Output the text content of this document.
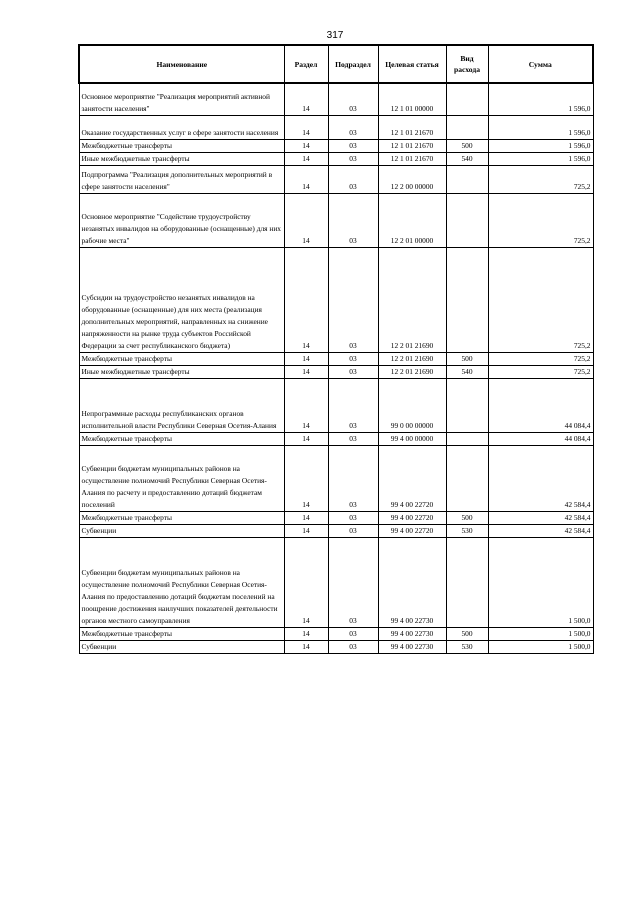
317
Наименование	Раздел	Подраздел	Целевая статья	Вид расхода	Сумма
Основное мероприятие "Реализация мероприятий активной занятости населения"	14	03	12 1 01 00000		1 596,0
Оказание государственных услуг в сфере занятости населения	14	03	12 1 01 21670		1 596,0
Межбюджетные трансферты	14	03	12 1 01 21670	500	1 596,0
Иные межбюджетные трансферты	14	03	12 1 01 21670	540	1 596,0
Подпрограмма "Реализация дополнительных мероприятий в сфере занятости населения"	14	03	12 2 00 00000		725,2
Основное мероприятие "Содействие трудоустройству незанятых инвалидов на оборудованные (оснащенные) для них рабочие места"	14	03	12 2 01 00000		725,2
Субсидии на трудоустройство незанятых инвалидов на оборудованные (оснащенные) для них места (реализация дополнительных мероприятий, направленных на снижение напряженности на рынке труда субъектов Российской Федерации за счет республиканского бюджета)	14	03	12 2 01 21690		725,2
Межбюджетные трансферты	14	03	12 2 01 21690	500	725,2
Иные межбюджетные трансферты	14	03	12 2 01 21690	540	725,2
Непрограммные расходы республиканских органов исполнительной власти Республики Северная Осетия-Алания	14	03	99 0 00 00000		44 084,4
Межбюджетные трансферты	14	03	99 4 00 00000		44 084,4
Субвенции бюджетам муниципальных районов на осуществление полномочий Республики Северная Осетия-Алания по расчету и предоставлению дотаций бюджетам поселений	14	03	99 4 00 22720		42 584,4
Межбюджетные трансферты	14	03	99 4 00 22720	500	42 584,4
Субвенции	14	03	99 4 00 22720	530	42 584,4
Субвенции бюджетам муниципальных районов на осуществление полномочий Республики Северная Осетия-Алания по предоставлению дотаций бюджетам поселений на поощрение достижения наилучших показателей деятельности органов местного самоуправления	14	03	99 4 00 22730		1 500,0
Межбюджетные трансферты	14	03	99 4 00 22730	500	1 500,0
Субвенции	14	03	99 4 00 22730	530	1 500,0
